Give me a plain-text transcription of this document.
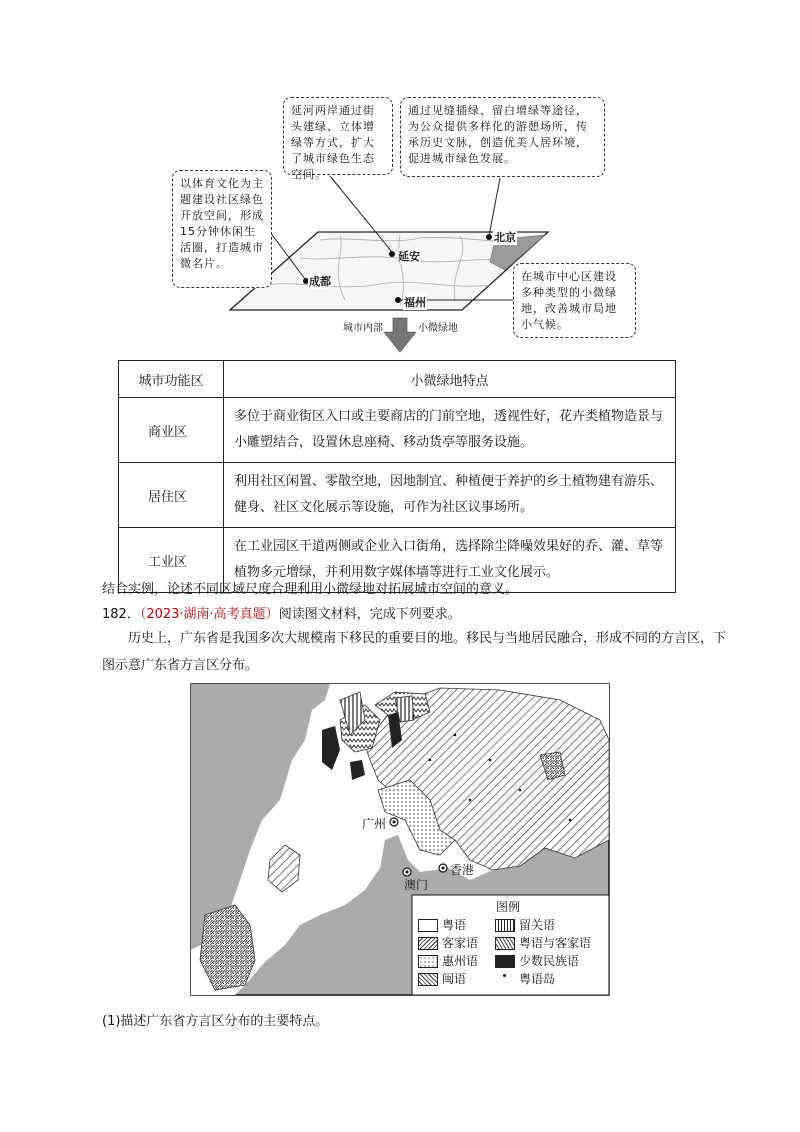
延河两岸通过街头建绿、立体增绿等方式，扩大了城市绿色生态空间。
通过见缝插绿、留白增绿等途径，为公众提供多样化的游憩场所，传承历史文脉，创造优美人居环境，促进城市绿色发展。
以体育文化为主题建设社区绿色开放空间，形成15分钟休闲生活圈，打造城市微名片。
在城市中心区建设多种类型的小微绿地，改善城市局地小气候。
北京
延安
成都
福州
城市内部	小微绿地
城市功能区	小微绿地特点
商业区	多位于商业街区入口或主要商店的门前空地，透视性好，花卉类植物造景与小雕塑结合，设置休息座椅、移动货亭等服务设施。
居住区	利用社区闲置、零散空地，因地制宜、种植便于养护的乡土植物建有游乐、健身、社区文化展示等设施，可作为社区议事场所。
工业区	在工业园区干道两侧或企业入口街角，选择除尘降噪效果好的乔、灌、草等植物多元增绿，并利用数字媒体墙等进行工业文化展示。
结合实例，论述不同区域尺度合理利用小微绿地对拓展城市空间的意义。
182．（2023·湖南·高考真题）阅读图文材料，完成下列要求。
历史上，广东省是我国多次大规模南下移民的重要目的地。移民与当地居民融合，形成不同的方言区，下图示意广东省方言区分布。
广州
香港
澳门
图例
粤语
客家语
惠州语
闽语
留关语
粤语与客家语
少数民族语
粤语岛
(1)描述广东省方言区分布的主要特点。
